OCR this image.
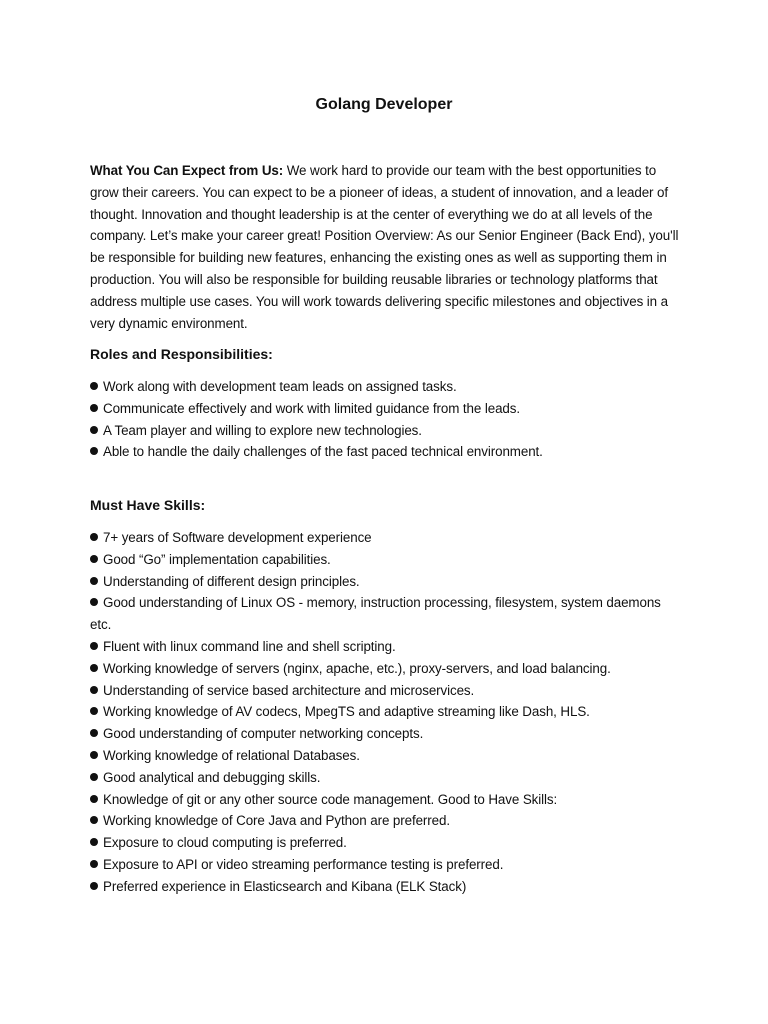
Golang Developer

What You Can Expect from Us: We work hard to provide our team with the best opportunities to grow their careers. You can expect to be a pioneer of ideas, a student of innovation, and a leader of thought. Innovation and thought leadership is at the center of everything we do at all levels of the company. Let’s make your career great! Position Overview: As our Senior Engineer (Back End), you'll be responsible for building new features, enhancing the existing ones as well as supporting them in production. You will also be responsible for building reusable libraries or technology platforms that address multiple use cases. You will work towards delivering specific milestones and objectives in a very dynamic environment.

Roles and Responsibilities:
Work along with development team leads on assigned tasks.
Communicate effectively and work with limited guidance from the leads.
A Team player and willing to explore new technologies.
Able to handle the daily challenges of the fast paced technical environment.
Must Have Skills:
7+ years of Software development experience
Good “Go” implementation capabilities.
Understanding of different design principles.
Good understanding of Linux OS - memory, instruction processing, filesystem, system daemons etc.
Fluent with linux command line and shell scripting.
Working knowledge of servers (nginx, apache, etc.), proxy-servers, and load balancing.
Understanding of service based architecture and microservices.
Working knowledge of AV codecs, MpegTS and adaptive streaming like Dash, HLS.
Good understanding of computer networking concepts.
Working knowledge of relational Databases.
Good analytical and debugging skills.
Knowledge of git or any other source code management. Good to Have Skills:
Working knowledge of Core Java and Python are preferred.
Exposure to cloud computing is preferred.
Exposure to API or video streaming performance testing is preferred.
Preferred experience in Elasticsearch and Kibana (ELK Stack)
